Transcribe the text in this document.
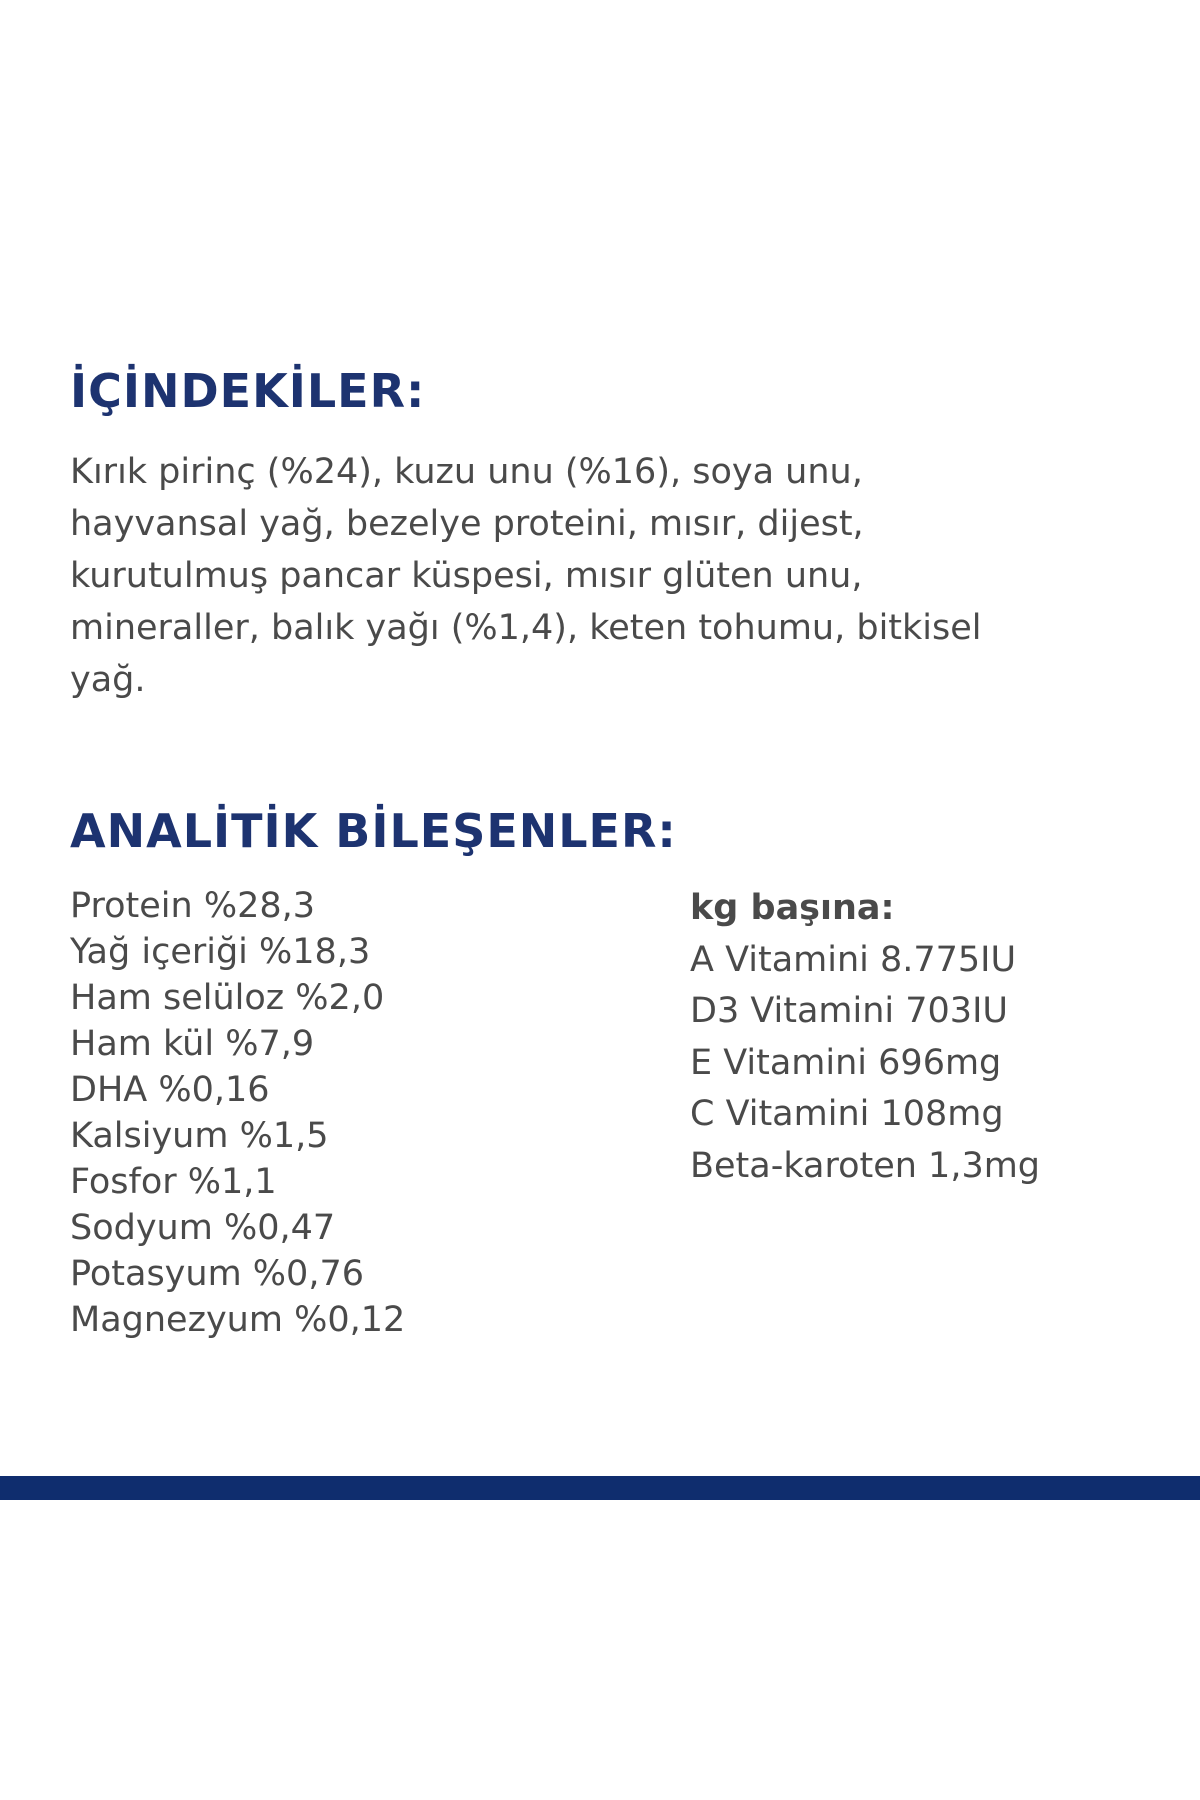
İÇİNDEKİLER:

Kırık pirinç (%24), kuzu unu (%16), soya unu, hayvansal yağ, bezelye proteini, mısır, dijest, kurutulmuş pancar küspesi, mısır glüten unu, mineraller, balık yağı (%1,4), keten tohumu, bitkisel yağ.

ANALİTİK BİLEŞENLER:
Protein %28,3
Yağ içeriği %18,3
Ham selüloz %2,0
Ham kül %7,9
DHA %0,16
Kalsiyum %1,5
Fosfor %1,1
Sodyum %0,47
Potasyum %0,76
Magnezyum %0,12
kg başına:
A Vitamini 8.775IU
D3 Vitamini 703IU
E Vitamini 696mg
C Vitamini 108mg
Beta-karoten 1,3mg
